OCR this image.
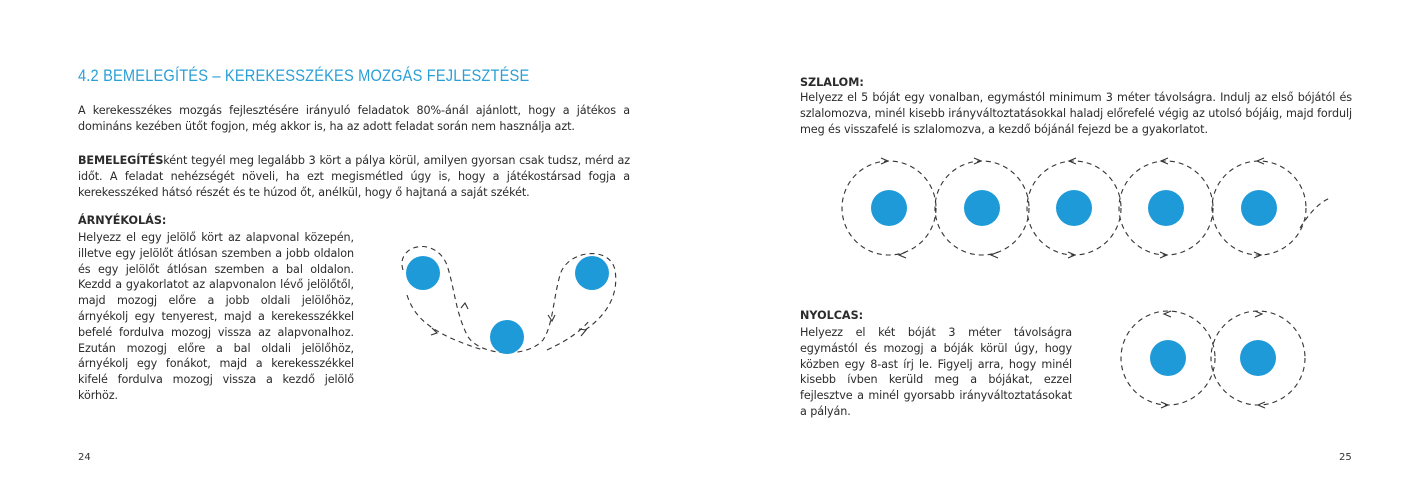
4.2 BEMELEGÍTÉS – KEREKESSZÉKES MOZGÁS FEJLESZTÉSE

A kerekesszékes mozgás fejlesztésére irányuló feladatok 80%-ánál ajánlott, hogy a játékos a domináns kezében ütőt fogjon, még akkor is, ha az adott feladat során nem használja azt.

BEMELEGÍTÉSként tegyél meg legalább 3 kört a pálya körül, amilyen gyorsan csak tudsz, mérd az időt. A feladat nehézségét növeli, ha ezt megismétled úgy is, hogy a játékostársad fogja a kerekesszéked hátsó részét és te húzod őt, anélkül, hogy ő hajtaná a saját székét.

ÁRNYÉKOLÁS:

Helyezz el egy jelölő kört az alapvonal közepén, illetve egy jelölőt átlósan szemben a jobb oldalon és egy jelölőt átlósan szemben a bal oldalon. Kezdd a gyakorlatot az alapvonalon lévő jelölőtől, majd mozogj előre a jobb oldali jelölőhöz, árnyékolj egy tenyerest, majd a kerekesszékkel befelé fordulva mozogj vissza az alapvonalhoz. Ezután mozogj előre a bal oldali jelölőhöz, árnyékolj egy fonákot, majd a kerekesszékkel kifelé fordulva mozogj vissza a kezdő jelölő körhöz.

24

SZLALOM:

Helyezz el 5 bóját egy vonalban, egymástól minimum 3 méter távolságra. Indulj az első bójától és szlalomozva, minél kisebb irányváltoztatásokkal haladj előrefelé végig az utolsó bójáig, majd fordulj meg és visszafelé is szlalomozva, a kezdő bójánál fejezd be a gyakorlatot.

NYOLCAS:

Helyezz el két bóját 3 méter távolságra egymástól és mozogj a bóják körül úgy, hogy közben egy 8-ast írj le. Figyelj arra, hogy minél kisebb ívben kerüld meg a bójákat, ezzel fejlesztve a minél gyorsabb irányváltoztatásokat a pályán.

25
